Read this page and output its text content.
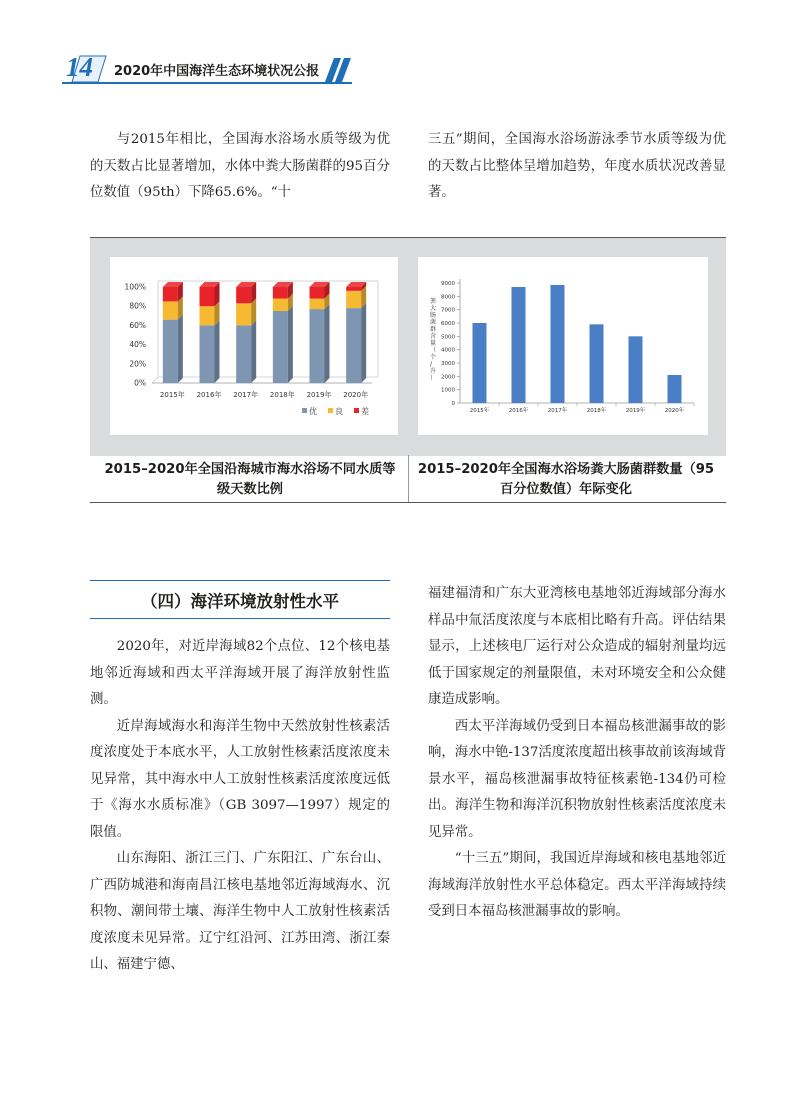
14 2020年中国海洋生态环境状况公报

与2015年相比，全国海水浴场水质等级为优的天数占比显著增加，水体中粪大肠菌群的95百分位数值（95th）下降65.6%。“十

三五”期间，全国海水浴场游泳季节水质等级为优的天数占比整体呈增加趋势，年度水质状况改善显著。

0%
20%
40%
60%
80%
100%
2015年 2016年 2017年 2018年 2019年 2020年
优 良 差
0
1000
2000
3000
4000
5000
6000
7000
8000
9000
粪大肠菌群含量（个/升）
2015年	2016年	2017年	2018年	2019年	2020年
2015–2020年全国沿海城市海水浴场不同水质等级天数比例
2015–2020年全国海水浴场粪大肠菌群数量（95百分位数值）年际变化
（四）海洋环境放射性水平

2020年，对近岸海域82个点位、12个核电基地邻近海域和西太平洋海域开展了海洋放射性监测。

近岸海域海水和海洋生物中天然放射性核素活度浓度处于本底水平，人工放射性核素活度浓度未见异常，其中海水中人工放射性核素活度浓度远低于《海水水质标准》（GB 3097—1997）规定的限值。

山东海阳、浙江三门、广东阳江、广东台山、广西防城港和海南昌江核电基地邻近海域海水、沉积物、潮间带土壤、海洋生物中人工放射性核素活度浓度未见异常。辽宁红沿河、江苏田湾、浙江秦山、福建宁德、

福建福清和广东大亚湾核电基地邻近海域部分海水样品中氚活度浓度与本底相比略有升高。评估结果显示，上述核电厂运行对公众造成的辐射剂量均远低于国家规定的剂量限值，未对环境安全和公众健康造成影响。

西太平洋海域仍受到日本福岛核泄漏事故的影响，海水中铯-137活度浓度超出核事故前该海域背景水平，福岛核泄漏事故特征核素铯-134仍可检出。海洋生物和海洋沉积物放射性核素活度浓度未见异常。

“十三五”期间，我国近岸海域和核电基地邻近海域海洋放射性水平总体稳定。西太平洋海域持续受到日本福岛核泄漏事故的影响。
